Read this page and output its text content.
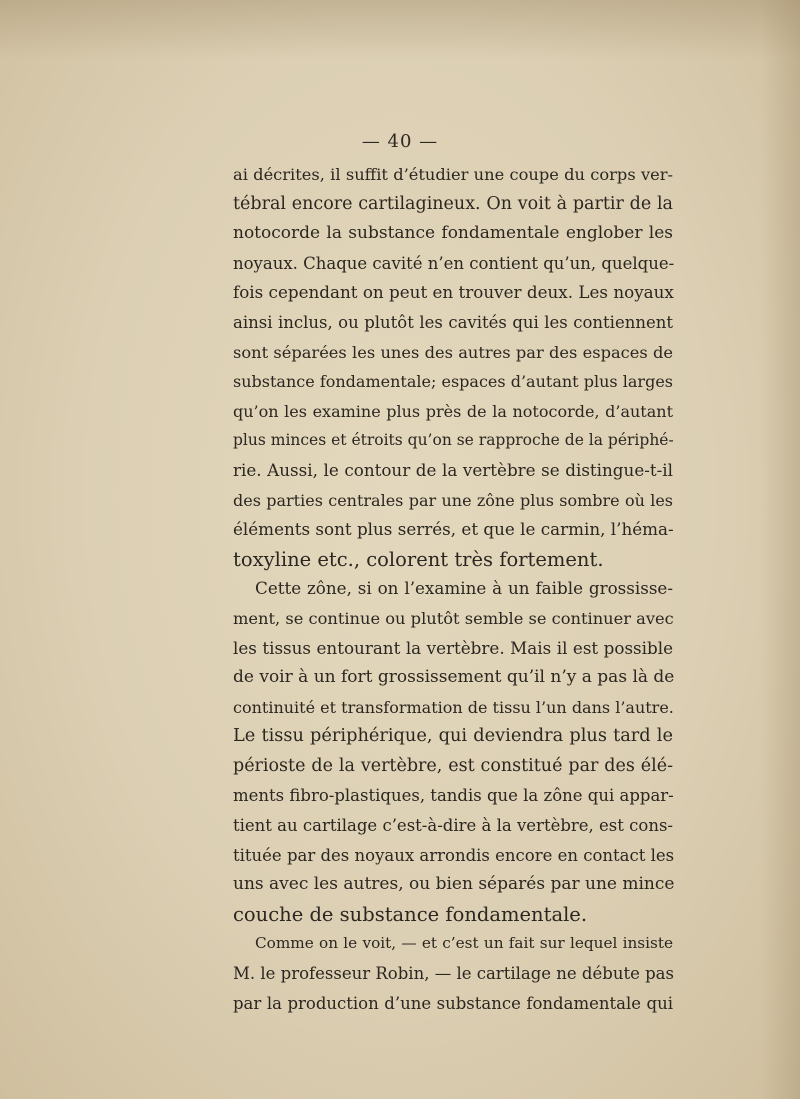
— 40 —
ai décrites, il suffit d’étudier une coupe du corps ver-
tébral encore cartilagineux. On voit à partir de la
notocorde la substance fondamentale englober les
noyaux. Chaque cavité n’en contient qu’un, quelque-
fois cependant on peut en trouver deux. Les noyaux
ainsi inclus, ou plutôt les cavités qui les contiennent
sont séparées les unes des autres par des espaces de
substance fondamentale; espaces d’autant plus larges
qu’on les examine plus près de la notocorde, d’autant
plus minces et étroits qu’on se rapproche de la périphé-
rie. Aussi, le contour de la vertèbre se distingue-t-il
des parties centrales par une zône plus sombre où les
éléments sont plus serrés, et que le carmin, l’héma-
toxyline etc., colorent très fortement.
Cette zône, si on l’examine à un faible grossisse-
ment, se continue ou plutôt semble se continuer avec
les tissus entourant la vertèbre. Mais il est possible
de voir à un fort grossissement qu’il n’y a pas là de
continuité et transformation de tissu l’un dans l’autre.
Le tissu périphérique, qui deviendra plus tard le
périoste de la vertèbre, est constitué par des élé-
ments fibro-plastiques, tandis que la zône qui appar-
tient au cartilage c’est-à-dire à la vertèbre, est cons-
tituée par des noyaux arrondis encore en contact les
uns avec les autres, ou bien séparés par une mince
couche de substance fondamentale.
Comme on le voit, — et c’est un fait sur lequel insiste
M. le professeur Robin, — le cartilage ne débute pas
par la production d’une substance fondamentale qui
